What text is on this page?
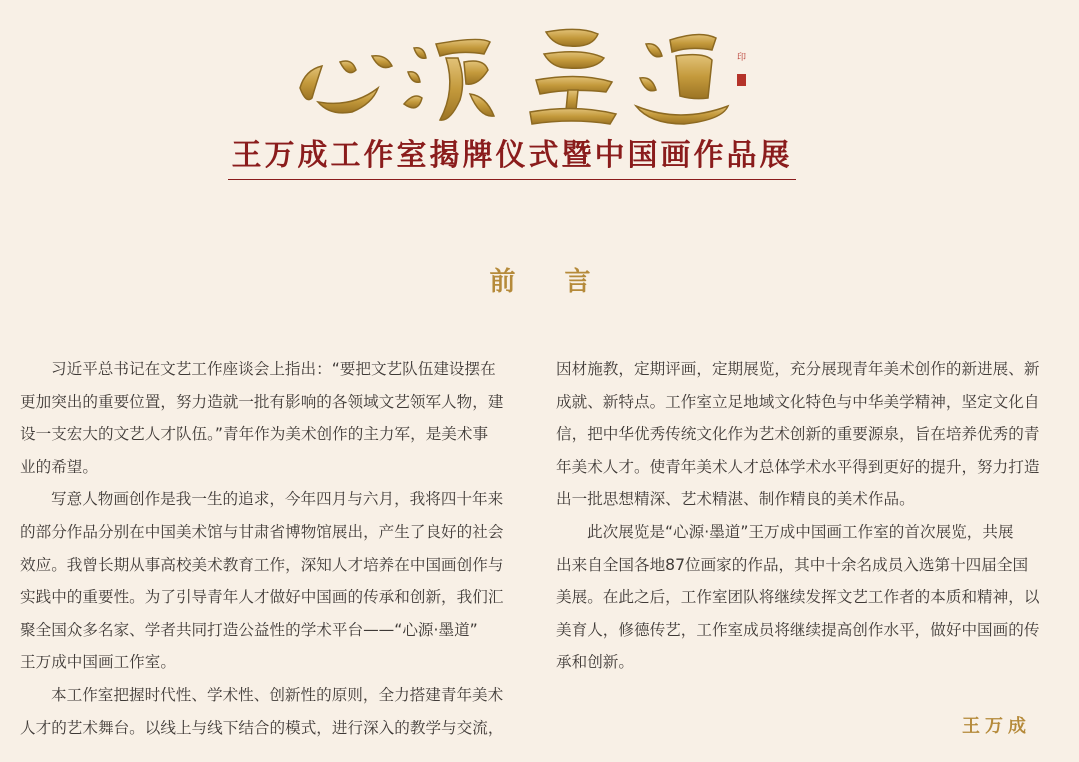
印
王万成工作室揭牌仪式暨中国画作品展
前 言
习近平总书记在文艺工作座谈会上指出：“要把文艺队伍建设摆在
更加突出的重要位置，努力造就一批有影响的各领域文艺领军人物，建
设一支宏大的文艺人才队伍。”青年作为美术创作的主力军，是美术事
业的希望。
写意人物画创作是我一生的追求，今年四月与六月，我将四十年来
的部分作品分别在中国美术馆与甘肃省博物馆展出，产生了良好的社会
效应。我曾长期从事高校美术教育工作，深知人才培养在中国画创作与
实践中的重要性。为了引导青年人才做好中国画的传承和创新，我们汇
聚全国众多名家、学者共同打造公益性的学术平台——“心源·墨道”
王万成中国画工作室。
本工作室把握时代性、学术性、创新性的原则，全力搭建青年美术
人才的艺术舞台。以线上与线下结合的模式，进行深入的教学与交流，
因材施教，定期评画，定期展览，充分展现青年美术创作的新进展、新
成就、新特点。工作室立足地域文化特色与中华美学精神，坚定文化自
信，把中华优秀传统文化作为艺术创新的重要源泉，旨在培养优秀的青
年美术人才。使青年美术人才总体学术水平得到更好的提升，努力打造
出一批思想精深、艺术精湛、制作精良的美术作品。
此次展览是“心源·墨道”王万成中国画工作室的首次展览，共展
出来自全国各地87位画家的作品，其中十余名成员入选第十四届全国
美展。在此之后，工作室团队将继续发挥文艺工作者的本质和精神，以
美育人，修德传艺，工作室成员将继续提高创作水平，做好中国画的传
承和创新。
王万成
